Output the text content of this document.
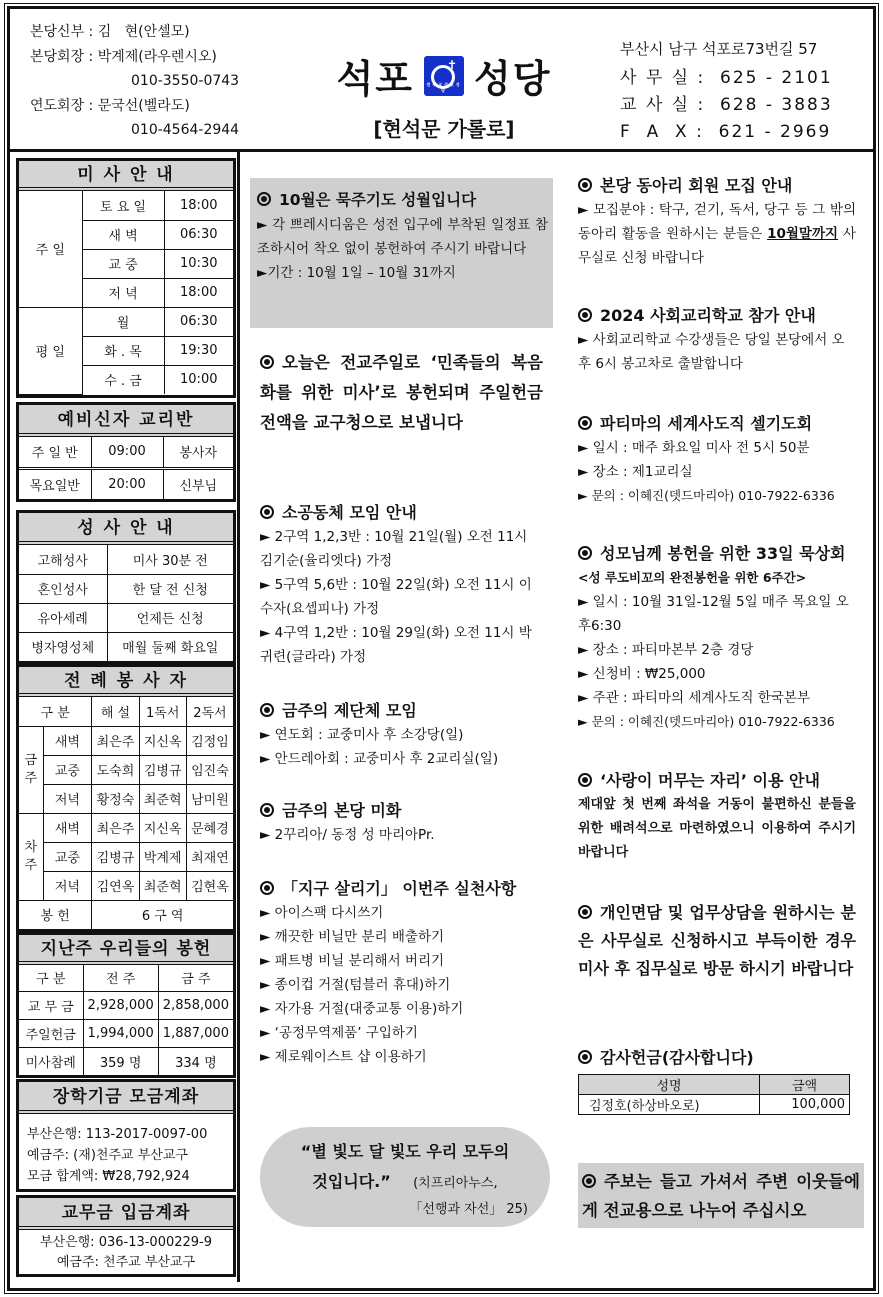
본당신부 : 김   현(안셀모)
본당회장 : 박계제(라우렌시오)
010-3550-0743
연도회장 : 문국선(벨라도)
010-4564-2944
석포	✝
천주교석포성당 성당
[현석문 가롤로]
부산시 남구 석포로73번길 57
사 무 실 : 625 - 2101
교 사 실 : 628 - 3883
F  A  X : 621 - 2969
미 사 안 내
주 일	토 요 일	18:00
	새 벽	06:30
	교 중	10:30
	저 녁	18:00
평 일	월	06:30
	화 . 목	19:30
	수 . 금	10:00
예비신자 교리반
주 일 반	09:00	봉사자
목요일반	20:00	신부님
성 사 안 내
고해성사	미사 30분 전
혼인성사	한 달 전 신청
유아세례	언제든 신청
병자영성체	매월 둘째 화요일
전 례 봉 사 자
구 분		해 설	1독서	2독서
금주	새벽	최은주	지신옥	김정임
	교중	도숙희	김병규	임진숙
	저녁	황정숙	최준혁	남미원
차주	새벽	최은주	지신옥	문혜경
	교중	김병규	박계제	최재연
	저녁	김연옥	최준혁	김현옥
봉 헌		6 구 역		
지난주 우리들의 봉헌
구 분	전 주	금 주
교 무 금	2,928,000	2,858,000
주일헌금	1,994,000	1,887,000
미사참례	359 명	334 명
장학기금 모금계좌
부산은행: 113-2017-0097-00
예금주: (재)천주교 부산교구
모금 합계액: ₩28,792,924
교무금 입금계좌
부산은행: 036-13-000229-9
예금주: 천주교 부산교구
10월은 묵주기도 성월입니다
► 각 쁘레시디움은 성전 입구에 부착된 일정표 참조하시어 착오 없이 봉헌하여 주시기 바랍니다
►기간 : 10월 1일 – 10월 31까지
오늘은 전교주일로 ‘민족들의 복음화를 위한 미사’로 봉헌되며 주일헌금 전액을 교구청으로 보냅니다
소공동체 모임 안내
► 2구역 1,2,3반 : 10월 21일(월) 오전 11시 김기순(율리엣다) 가정
► 5구역 5,6반 : 10월 22일(화) 오전 11시 이수자(요셉피나) 가정
► 4구역 1,2반 : 10월 29일(화) 오전 11시 박귀련(글라라) 가정
금주의 제단체 모임
► 연도회 : 교중미사 후 소강당(일)
► 안드레아회 : 교중미사 후 2교리실(일)
금주의 본당 미화
► 2꾸리아/ 동정 성 마리아Pr.
「지구 살리기」 이번주 실천사항
► 아이스팩 다시쓰기
► 깨끗한 비닐만 분리 배출하기
► 패트병 비닐 분리해서 버리기
► 종이컵 거절(텀블러 휴대)하기
► 자가용 거절(대중교통 이용)하기
► ‘공정무역제품’ 구입하기
► 제로웨이스트 샵 이용하기
“별 빛도 달 빛도 우리 모두의
것입니다.” (치프리아누스,
「선행과 자선」 25)
본당 동아리 회원 모집 안내
► 모집분야 : 탁구, 걷기, 독서, 당구 등 그 밖의 동아리 활동을 원하시는 분들은 10월말까지 사무실로 신청 바랍니다
2024 사회교리학교 참가 안내
► 사회교리학교 수강생들은 당일 본당에서 오후 6시 봉고차로 출발합니다
파티마의 세계사도직 셀기도회
► 일시 : 매주 화요일 미사 전 5시 50분
► 장소 : 제1교리실
► 문의 : 이혜진(뎃드마리아) 010-7922-6336
성모님께 봉헌을 위한 33일 묵상회
<성 루도비꼬의 완전봉헌을 위한 6주간>
► 일시 : 10월 31일-12월 5일 매주 목요일 오후6:30
► 장소 : 파티마본부 2층 경당
► 신청비 : ₩25,000
► 주관 : 파티마의 세계사도직 한국본부
► 문의 : 이혜진(뎃드마리아) 010-7922-6336
‘사랑이 머무는 자리’ 이용 안내
제대앞 첫 번째 좌석을 거동이 불편하신 분들을 위한 배려석으로 마련하였으니 이용하여 주시기 바랍니다
개인면담 및 업무상담을 원하시는 분은 사무실로 신청하시고 부득이한 경우 미사 후 집무실로 방문 하시기 바랍니다
감사헌금(감사합니다)
성명	금액
김정호(하상바오로)	100,000
주보는 들고 가셔서 주변 이웃들에게 전교용으로 나누어 주십시오
